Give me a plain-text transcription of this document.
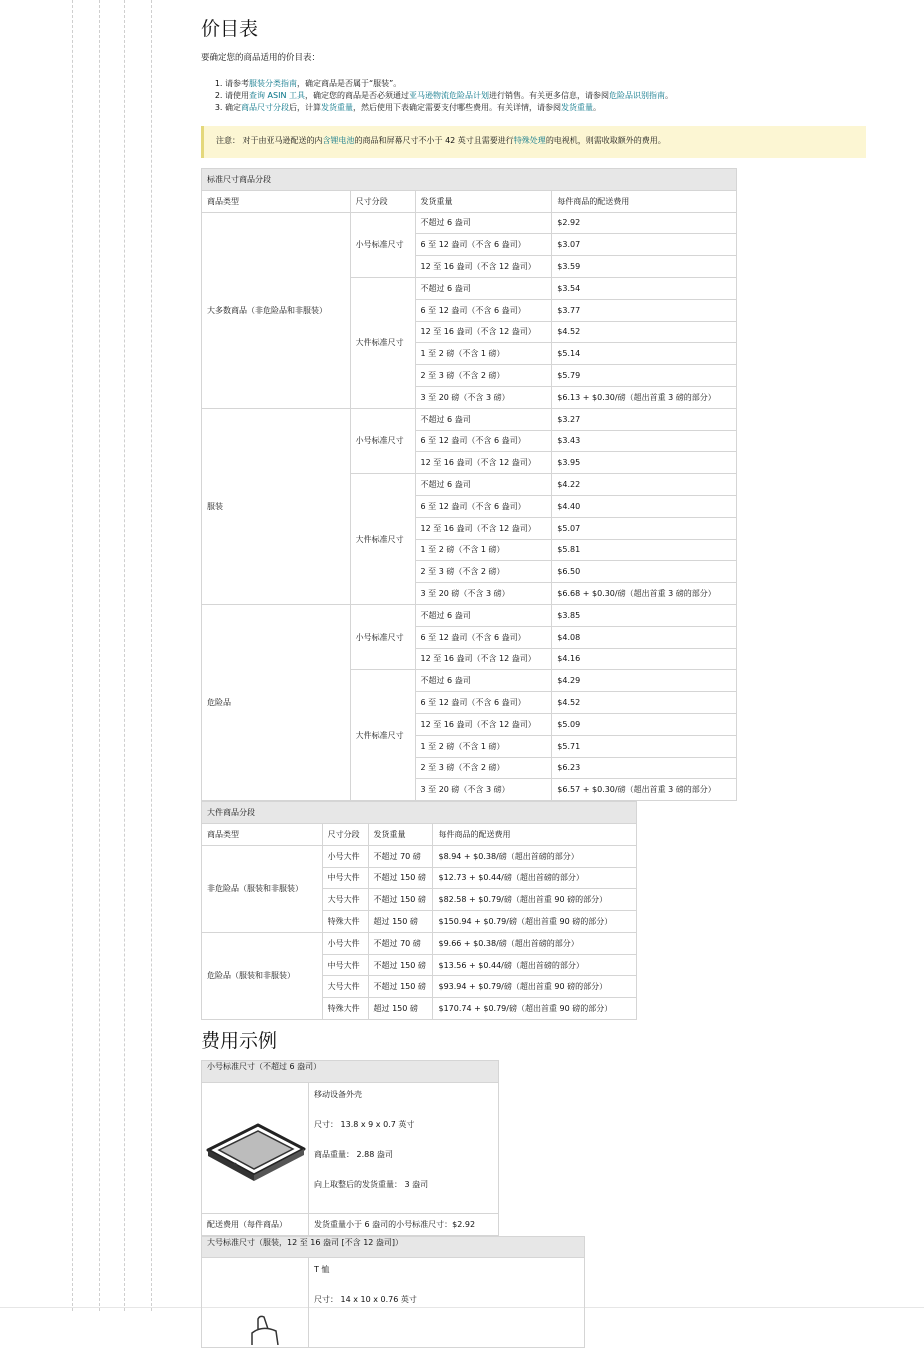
价目表

要确定您的商品适用的价目表：

1. 请参考服装分类指南，确定商品是否属于“服装”。
2. 请使用查询 ASIN 工具，确定您的商品是否必须通过亚马逊物流危险品计划进行销售。有关更多信息，请参阅危险品识别指南。
3. 确定商品尺寸分段后，计算发货重量，然后使用下表确定需要支付哪些费用。有关详情，请参阅发货重量。
注意： 对于由亚马逊配送的内含锂电池的商品和屏幕尺寸不小于 42 英寸且需要进行特殊处理的电视机，则需收取额外的费用。
标准尺寸商品分段			
商品类型	尺寸分段	发货重量	每件商品的配送费用
大多数商品（非危险品和非服装）	小号标准尺寸	不超过 6 盎司	$2.92
		6 至 12 盎司（不含 6 盎司）	$3.07
		12 至 16 盎司（不含 12 盎司）	$3.59
	大件标准尺寸	不超过 6 盎司	$3.54
		6 至 12 盎司（不含 6 盎司）	$3.77
		12 至 16 盎司（不含 12 盎司）	$4.52
		1 至 2 磅（不含 1 磅）	$5.14
		2 至 3 磅（不含 2 磅）	$5.79
		3 至 20 磅（不含 3 磅）	$6.13 + $0.30/磅（超出首重 3 磅的部分）
服装	小号标准尺寸	不超过 6 盎司	$3.27
		6 至 12 盎司（不含 6 盎司）	$3.43
		12 至 16 盎司（不含 12 盎司）	$3.95
	大件标准尺寸	不超过 6 盎司	$4.22
		6 至 12 盎司（不含 6 盎司）	$4.40
		12 至 16 盎司（不含 12 盎司）	$5.07
		1 至 2 磅（不含 1 磅）	$5.81
		2 至 3 磅（不含 2 磅）	$6.50
		3 至 20 磅（不含 3 磅）	$6.68 + $0.30/磅（超出首重 3 磅的部分）
危险品	小号标准尺寸	不超过 6 盎司	$3.85
		6 至 12 盎司（不含 6 盎司）	$4.08
		12 至 16 盎司（不含 12 盎司）	$4.16
	大件标准尺寸	不超过 6 盎司	$4.29
		6 至 12 盎司（不含 6 盎司）	$4.52
		12 至 16 盎司（不含 12 盎司）	$5.09
		1 至 2 磅（不含 1 磅）	$5.71
		2 至 3 磅（不含 2 磅）	$6.23
		3 至 20 磅（不含 3 磅）	$6.57 + $0.30/磅（超出首重 3 磅的部分）
大件商品分段			
商品类型	尺寸分段	发货重量	每件商品的配送费用
非危险品（服装和非服装）	小号大件	不超过 70 磅	$8.94 + $0.38/磅（超出首磅的部分）
	中号大件	不超过 150 磅	$12.73 + $0.44/磅（超出首磅的部分）
	大号大件	不超过 150 磅	$82.58 + $0.79/磅（超出首重 90 磅的部分）
	特殊大件	超过 150 磅	$150.94 + $0.79/磅（超出首重 90 磅的部分）
危险品（服装和非服装）	小号大件	不超过 70 磅	$9.66 + $0.38/磅（超出首磅的部分）
	中号大件	不超过 150 磅	$13.56 + $0.44/磅（超出首磅的部分）
	大号大件	不超过 150 磅	$93.94 + $0.79/磅（超出首重 90 磅的部分）
	特殊大件	超过 150 磅	$170.74 + $0.79/磅（超出首重 90 磅的部分）
费用示例
小号标准尺寸（不超过 6 盎司）	

移动设备外壳
尺寸： 13.8 x 9 x 0.7 英寸
商品重量： 2.88 盎司
向上取整后的发货重量： 3 盎司

配送费用（每件商品）	发货重量小于 6 盎司的小号标准尺寸：$2.92
大号标准尺寸（服装，12 至 16 盎司 [不含 12 盎司]）

T 恤
尺寸： 14 x 10 x 0.76 英寸
